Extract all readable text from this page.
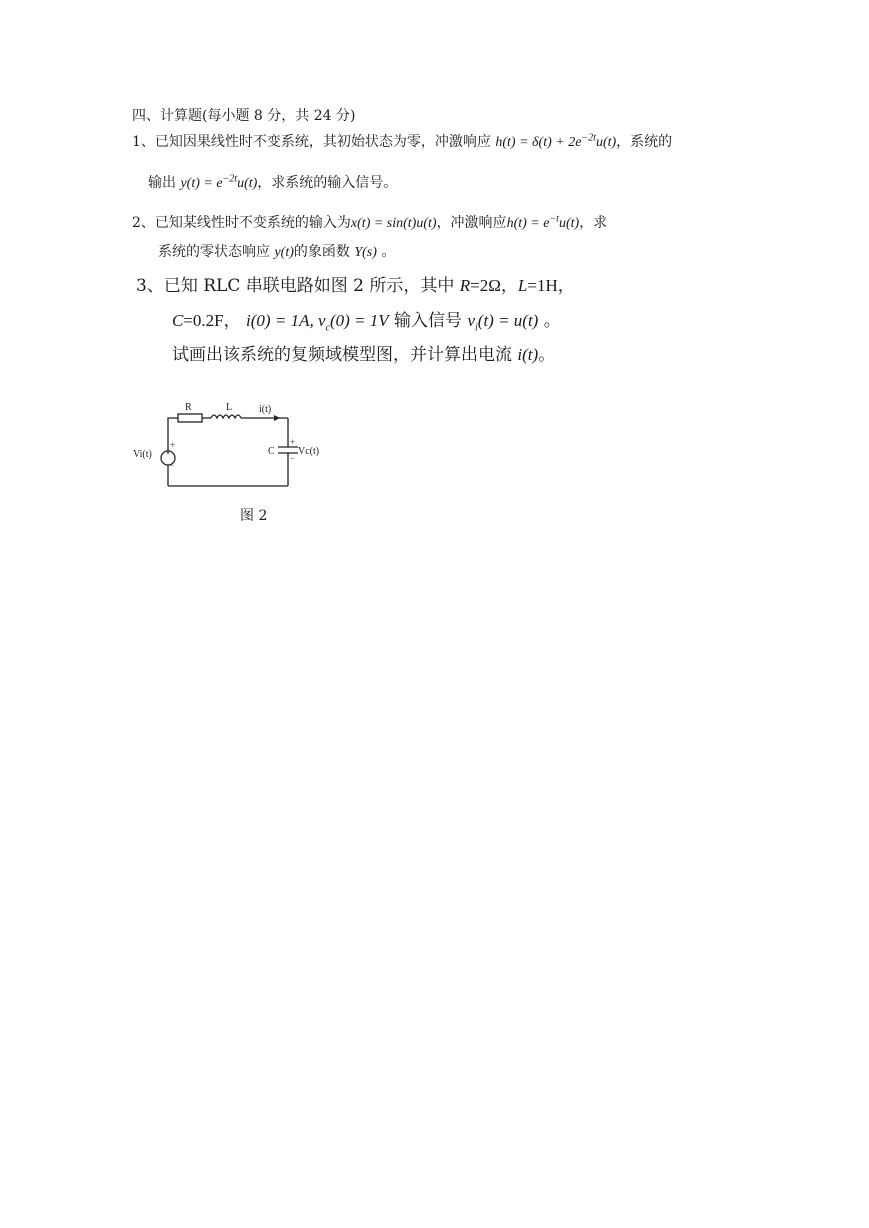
四、计算题(每小题 8 分，共 24 分)
1、已知因果线性时不变系统，其初始状态为零，冲激响应 $h(t) = \delta(t) + 2e^{-2t}u(t)$，系统的
输出 $y(t) = e^{-2t}u(t)$，求系统的输入信号。
2、已知某线性时不变系统的输入为x(t) = sin(t)u(t)，冲激响应$h(t) = e^{-t}u(t)$，求
系统的零状态响应 y(t)的象函数 Y(s) 。
3、已知 RLC 串联电路如图 2 所示，其中 R=2Ω，L=1H，
C=0.2F， i(0) = 1A, $v_c(0) = 1V$ 输入信号 $v_i(t) = u(t)$ 。
试画出该系统的复频域模型图，并计算出电流 i(t)。
R	L	i(t)
Vi(t)
+
−
C
+
−
Vc(t)
图 2
